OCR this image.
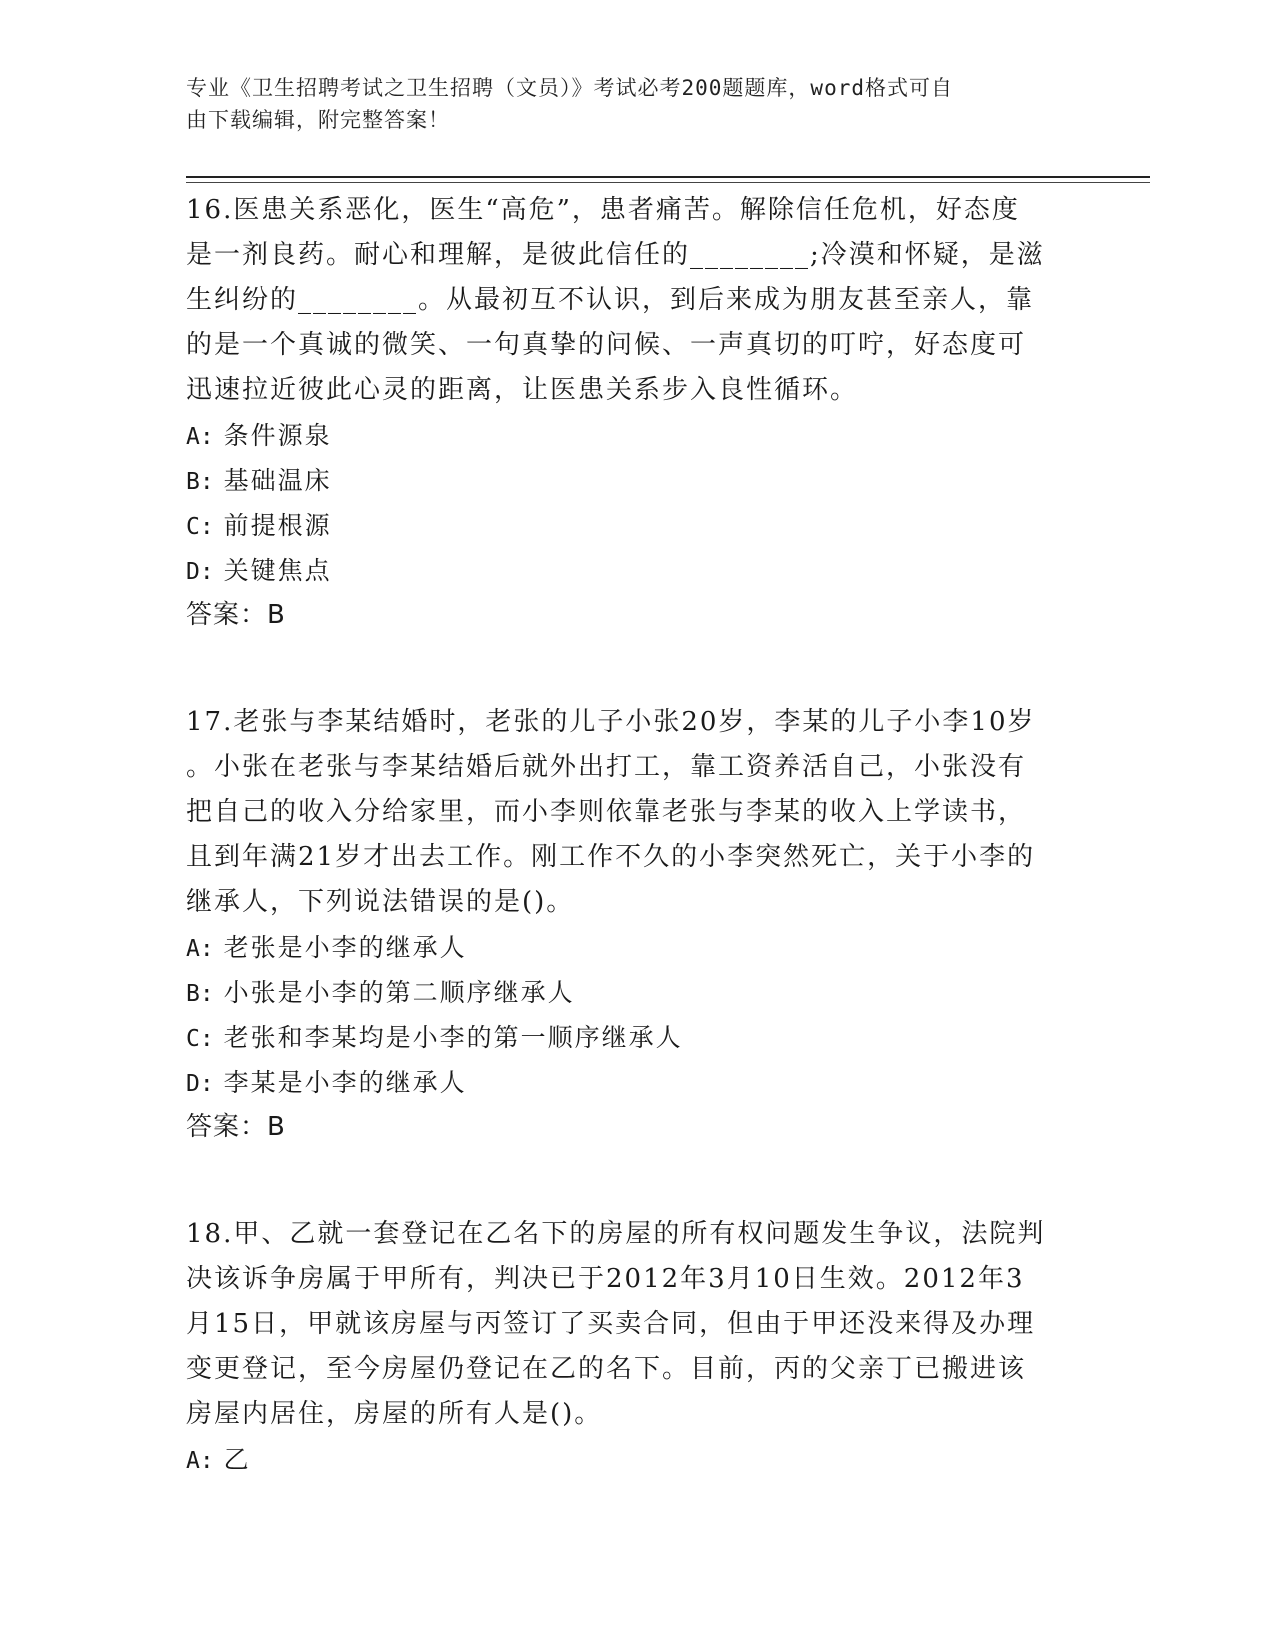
专业《卫生招聘考试之卫生招聘（文员）》考试必考200题题库，word格式可自
由下载编辑，附完整答案！
16.医患关系恶化，医生“高危”，患者痛苦。解除信任危机，好态度
是一剂良药。耐心和理解，是彼此信任的________;冷漠和怀疑，是滋
生纠纷的________。从最初互不认识，到后来成为朋友甚至亲人，靠
的是一个真诚的微笑、一句真挚的问候、一声真切的叮咛，好态度可
迅速拉近彼此心灵的距离，让医患关系步入良性循环。
A: 条件源泉
B: 基础温床
C: 前提根源
D: 关键焦点
答案：B
17.老张与李某结婚时，老张的儿子小张20岁，李某的儿子小李10岁
。小张在老张与李某结婚后就外出打工，靠工资养活自己，小张没有
把自己的收入分给家里，而小李则依靠老张与李某的收入上学读书，
且到年满21岁才出去工作。刚工作不久的小李突然死亡，关于小李的
继承人，下列说法错误的是()。
A: 老张是小李的继承人
B: 小张是小李的第二顺序继承人
C: 老张和李某均是小李的第一顺序继承人
D: 李某是小李的继承人
答案：B
18.甲、乙就一套登记在乙名下的房屋的所有权问题发生争议，法院判
决该诉争房属于甲所有，判决已于2012年3月10日生效。2012年3
月15日，甲就该房屋与丙签订了买卖合同，但由于甲还没来得及办理
变更登记，至今房屋仍登记在乙的名下。目前，丙的父亲丁已搬进该
房屋内居住，房屋的所有人是()。
A: 乙
